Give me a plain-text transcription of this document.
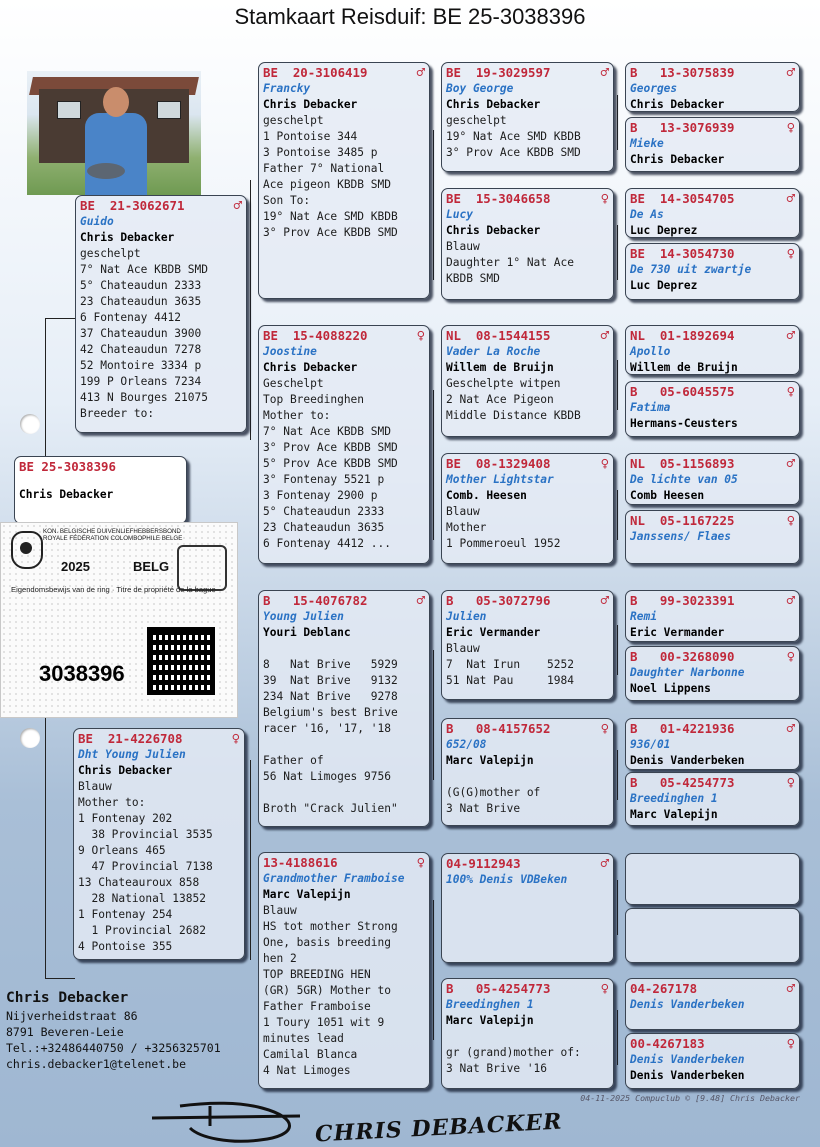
Stamkaart Reisduif: BE 25-3038396
BE 25-3038396
Chris Debacker
KON. BELGISCHE DUIVENLIEFHEBBERSBOND
ROYALE FÉDÉRATION COLOMBOPHILE BELGE
2025	BELG
Eigendomsbewijs van de ring · Titre de propriété de la bague
3038396
BE  21-3062671	♂
Guido
Chris Debacker
geschelpt
7° Nat Ace KBDB SMD
5° Chateaudun 2333
23 Chateaudun 3635
6 Fontenay 4412
37 Chateaudun 3900
42 Chateaudun 7278
52 Montoire 3334 p
199 P Orleans 7234
413 N Bourges 21075
Breeder to:
BE  21-4226708	♀
Dht Young Julien
Chris Debacker
Blauw
Mother to:
1 Fontenay 202
38 Provincial 3535
9 Orleans 465
47 Provincial 7138
13 Chateauroux 858
28 National 13852
1 Fontenay 254
1 Provincial 2682
4 Pontoise 355
BE  20-3106419	♂
Francky
Chris Debacker
geschelpt
1 Pontoise 344
3 Pontoise 3485 p
Father 7° National
Ace pigeon KBDB SMD
Son To:
19° Nat Ace SMD KBDB
3° Prov Ace KBDB SMD
BE  15-4088220	♀
Joostine
Chris Debacker
Geschelpt
Top Breedinghen
Mother to:
7° Nat Ace KBDB SMD
3° Prov Ace KBDB SMD
5° Prov Ace KBDB SMD
3° Fontenay 5521 p
3 Fontenay 2900 p
5° Chateaudun 2333
23 Chateaudun 3635
6 Fontenay 4412 ...
B   15-4076782	♂
Young Julien
Youri Deblanc

8   Nat Brive   5929
39  Nat Brive   9132
234 Nat Brive   9278
Belgium's best Brive
racer '16, '17, '18

Father of
56 Nat Limoges 9756

Broth "Crack Julien"
13-4188616	♀
Grandmother Framboise
Marc Valepijn
Blauw
HS tot mother Strong
One, basis breeding
hen 2
TOP BREEDING HEN
(GR) 5GR) Mother to
Father Framboise
1 Toury 1051 wit 9
minutes lead
Camilal Blanca
4 Nat Limoges
BE  19-3029597	♂
Boy George
Chris Debacker
geschelpt
19° Nat Ace SMD KBDB
3° Prov Ace KBDB SMD
BE  15-3046658	♀
Lucy
Chris Debacker
Blauw
Daughter 1° Nat Ace
KBDB SMD
NL  08-1544155	♂
Vader La Roche
Willem de Bruijn
Geschelpte witpen
2 Nat Ace Pigeon
Middle Distance KBDB
BE  08-1329408	♀
Mother Lightstar
Comb. Heesen
Blauw
Mother
1 Pommeroeul 1952
B   05-3072796	♂
Julien
Eric Vermander
Blauw
7  Nat Irun    5252
51 Nat Pau     1984
B   08-4157652	♀
652/08
Marc Valepijn

(G(G)mother of
3 Nat Brive
04-9112943	♂
100% Denis VDBeken
B   05-4254773	♀
Breedinghen 1
Marc Valepijn

gr (grand)mother of:
3 Nat Brive '16
B   13-3075839	♂
Georges
Chris Debacker
B   13-3076939	♀
Mieke
Chris Debacker
BE  14-3054705	♂
De As
Luc Deprez
BE  14-3054730	♀
De 730 uit zwartje
Luc Deprez
NL  01-1892694	♂
Apollo
Willem de Bruijn
B   05-6045575	♀
Fatima
Hermans-Ceusters
NL  05-1156893	♂
De lichte van 05
Comb Heesen
NL  05-1167225	♀
Janssens/ Flaes
B   99-3023391	♂
Remi
Eric Vermander
B   00-3268090	♀
Daughter Narbonne
Noel Lippens
B   01-4221936	♂
936/01
Denis Vanderbeken
B   05-4254773	♀
Breedinghen 1
Marc Valepijn

04-267178	♂
Denis Vanderbeken
00-4267183	♀
Denis Vanderbeken
Denis Vanderbeken
Chris Debacker
Nijverheidstraat 86
8791 Beveren-Leie
Tel.:+32486440750 / +3256325701
chris.debacker1@telenet.be
04-11-2025 Compuclub © [9.48] Chris Debacker
CHRIS DEBACKER
